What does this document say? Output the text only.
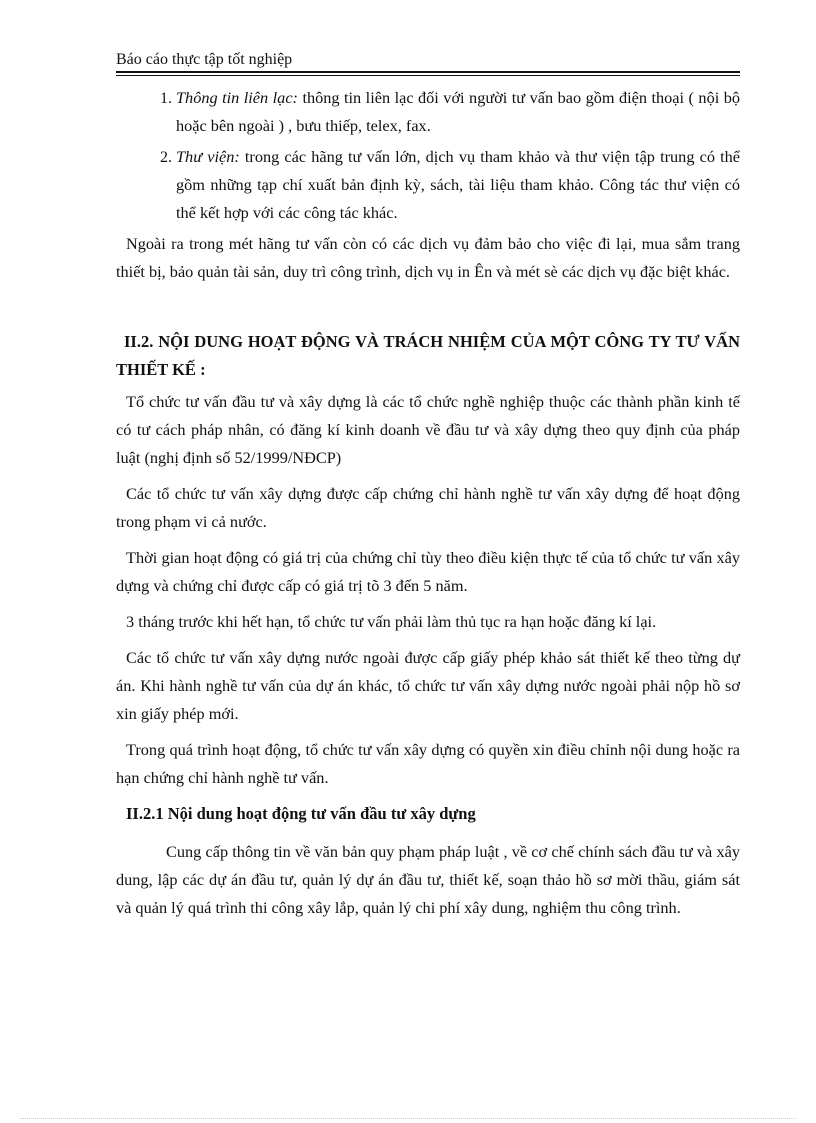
Báo cáo thực tập tốt nghiệp
1. Thông tin liên lạc: thông tin liên lạc đối với người tư vấn bao gồm điện thoại ( nội bộ hoặc bên ngoài ) , bưu thiếp, telex, fax.
2. Thư viện: trong các hãng tư vấn lớn, dịch vụ tham khảo và thư viện tập trung có thể gồm những tạp chí xuất bản định kỳ, sách, tài liệu tham khảo. Công tác thư viện có thể kết hợp với các công tác khác.

Ngoài ra trong mét hãng tư vấn còn có các dịch vụ đảm bảo cho việc đi lại, mua sắm trang thiết bị, bảo quản tài sản, duy trì công trình, dịch vụ in Ên và mét sè các dịch vụ đặc biệt khác.

II.2. NỘI DUNG HOẠT ĐỘNG VÀ TRÁCH NHIỆM CỦA MỘT CÔNG TY TƯ VẤN THIẾT KẾ :

Tổ chức tư vấn đầu tư và xây dựng là các tổ chức nghề nghiệp thuộc các thành phần kinh tế có tư cách pháp nhân, có đăng kí kinh doanh về đầu tư và xây dựng theo quy định của pháp luật (nghị định số 52/1999/NĐCP)

Các tổ chức tư vấn xây dựng được cấp chứng chỉ hành nghề tư vấn xây dựng để hoạt động trong phạm vi cả nước.

Thời gian hoạt động có giá trị của chứng chỉ tùy theo điều kiện thực tế của tổ chức tư vấn xây dựng và chứng chỉ được cấp có giá trị tõ 3 đến 5 năm.

3 tháng trước khi hết hạn, tổ chức tư vấn phải làm thủ tục ra hạn hoặc đăng kí lại.

Các tổ chức tư vấn xây dựng nước ngoài được cấp giấy phép khảo sát thiết kế theo từng dự án. Khi hành nghề tư vấn của dự án khác, tổ chức tư vấn xây dựng nước ngoài phải nộp hồ sơ xin giấy phép mới.

Trong quá trình hoạt động, tổ chức tư vấn xây dựng có quyền xin điều chỉnh nội dung hoặc ra hạn chứng chỉ hành nghề tư vấn.

II.2.1 Nội dung hoạt động tư vấn đầu tư xây dựng

Cung cấp thông tin về văn bản quy phạm pháp luật , về cơ chế chính sách đầu tư và xây dung, lập các dự án đầu tư, quản lý dự án đầu tư, thiết kế, soạn thảo hồ sơ mời thầu, giám sát và quản lý quá trình thi công xây lắp, quản lý chi phí xây dung, nghiệm thu công trình.
